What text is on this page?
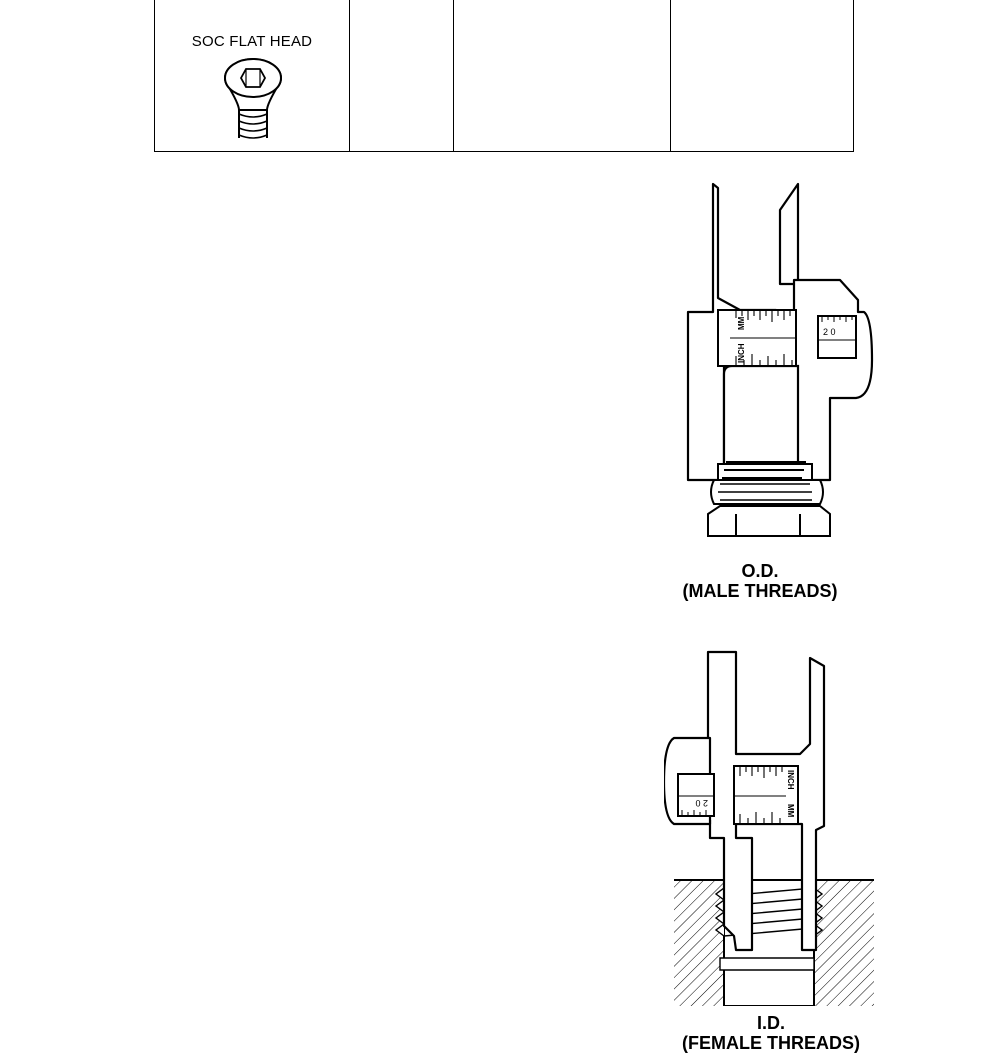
SOC FLAT HEAD
INCH
MM
2 0
O.D.
(MALE THREADS)
INCH
MM
2 0
I.D.
(FEMALE THREADS)
